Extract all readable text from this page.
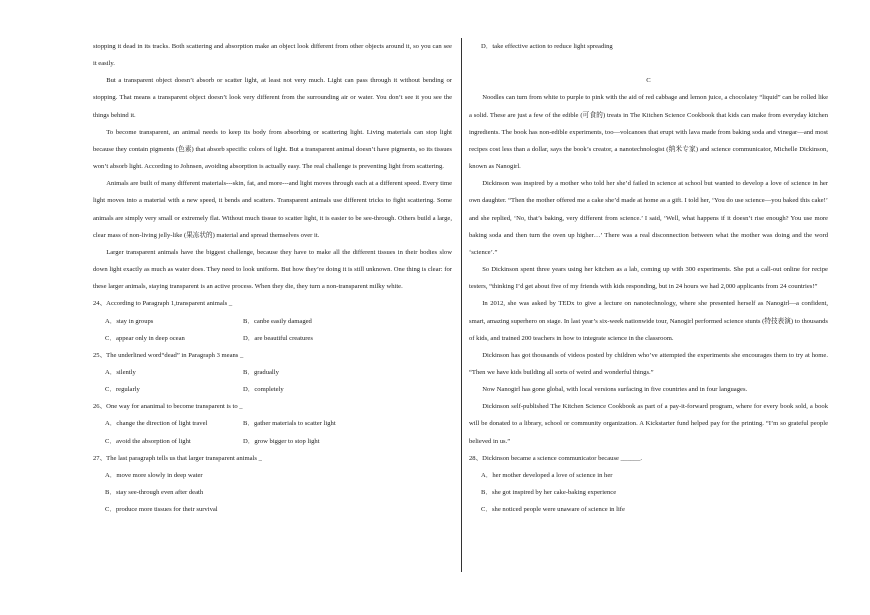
stopping it dead in its tracks. Both scattering and absorption make an object look different from other objects around it, so you can see it easily.

But a transparent object doesn’t absorb or scatter light, at least not very much. Light can pass through it without bending or stopping. That means a transparent object doesn’t look very different from the surrounding air or water. You don’t see it you see the things behind it.

To become transparent, an animal needs to keep its body from absorbing or scattering light. Living materials can stop light because they contain pigments (色素) that absorb specific colors of light. But a transparent animal doesn’t have pigments, so its tissues won’t absorb light. According to Johnsen, avoiding absorption is actually easy. The real challenge is preventing light from scattering.

Animals are built of many different materials---skin, fat, and more---and light moves through each at a different speed. Every time light moves into a material with a new speed, it bends and scatters. Transparent animals use different tricks to fight scattering. Some animals are simply very small or extremely flat. Without much tissue to scatter light, it is easier to be see-through. Others build a large, clear mass of non-living jelly-like (果冻状的) material and spread themselves over it.

Larger transparent animals have the biggest challenge, because they have to make all the different tissues in their bodies slow down light exactly as much as water does. They need to look uniform. But how they’re doing it is still unknown. One thing is clear: for these larger animals, staying transparent is an active process. When they die, they turn a non-transparent milky white.

24、According to Paragraph 1,transparent animals _

A．stay in groups	B．canbe easily damaged
C．appear only in deep ocean	D．are beautiful creatures

25、The underlined word“dead” in Paragraph 3 means _

A．silently	B．gradually
C．regularly	D．completely

26、One way for ananimal to become transparent is to _

A．change the direction of light travel	B．gather materials to scatter light
C．avoid the absorption of light	D．grow bigger to stop light

27、The last paragraph tells us that larger transparent animals _

A．move more slowly in deep water

B．stay see-through even after death

C．produce more tissues for their survival

D．take effective action to reduce light spreading

C

Noodles can turn from white to purple to pink with the aid of red cabbage and lemon juice, a chocolatey “liquid” can be rolled like a solid. These are just a few of the edible (可食的) treats in The Kitchen Science Cookbook that kids can make from everyday kitchen ingredients. The book has non-edible experiments, too—volcanoes that erupt with lava made from baking soda and vinegar—and most recipes cost less than a dollar, says the book’s creator, a nanotechnologist (纳米专家) and science communicator, Michelle Dickinson, known as Nanogirl.

Dickinson was inspired by a mother who told her she’d failed in science at school but wanted to develop a love of science in her own daughter. “Then the mother offered me a cake she’d made at home as a gift. I told her, ‘You do use science—you baked this cake!’ and she replied, ‘No, that’s baking, very different from science.’ I said, ‘Well, what happens if it doesn’t rise enough? You use more baking soda and then turn the oven up higher…’ There was a real disconnection between what the mother was doing and the word ‘science’.”

So Dickinson spent three years using her kitchen as a lab, coming up with 300 experiments. She put a call-out online for recipe testers, “thinking I’d get about five of my friends with kids responding, but in 24 hours we had 2,000 applicants from 24 countries!”

In 2012, she was asked by TEDx to give a lecture on nanotechnology, where she presented herself as Nanogirl—a confident, smart, amazing superhero on stage. In last year’s six-week nationwide tour, Nanogirl performed science stunts (特技表演) to thousands of kids, and trained 200 teachers in how to integrate science in the classroom.

Dickinson has got thousands of videos posted by children who’ve attempted the experiments she encourages them to try at home. “Then we have kids building all sorts of weird and wonderful things.”

Now Nanogirl has gone global, with local versions surfacing in five countries and in four languages.

Dickinson self-published The Kitchen Science Cookbook as part of a pay-it-forward program, where for every book sold, a book will be donated to a library, school or community organization. A Kickstarter fund helped pay for the printing. “I’m so grateful people believed in us.”

28、Dickinson became a science communicator because ______.

A．her mother developed a love of science in her

B．she got inspired by her cake-baking experience

C．she noticed people were unaware of science in life
